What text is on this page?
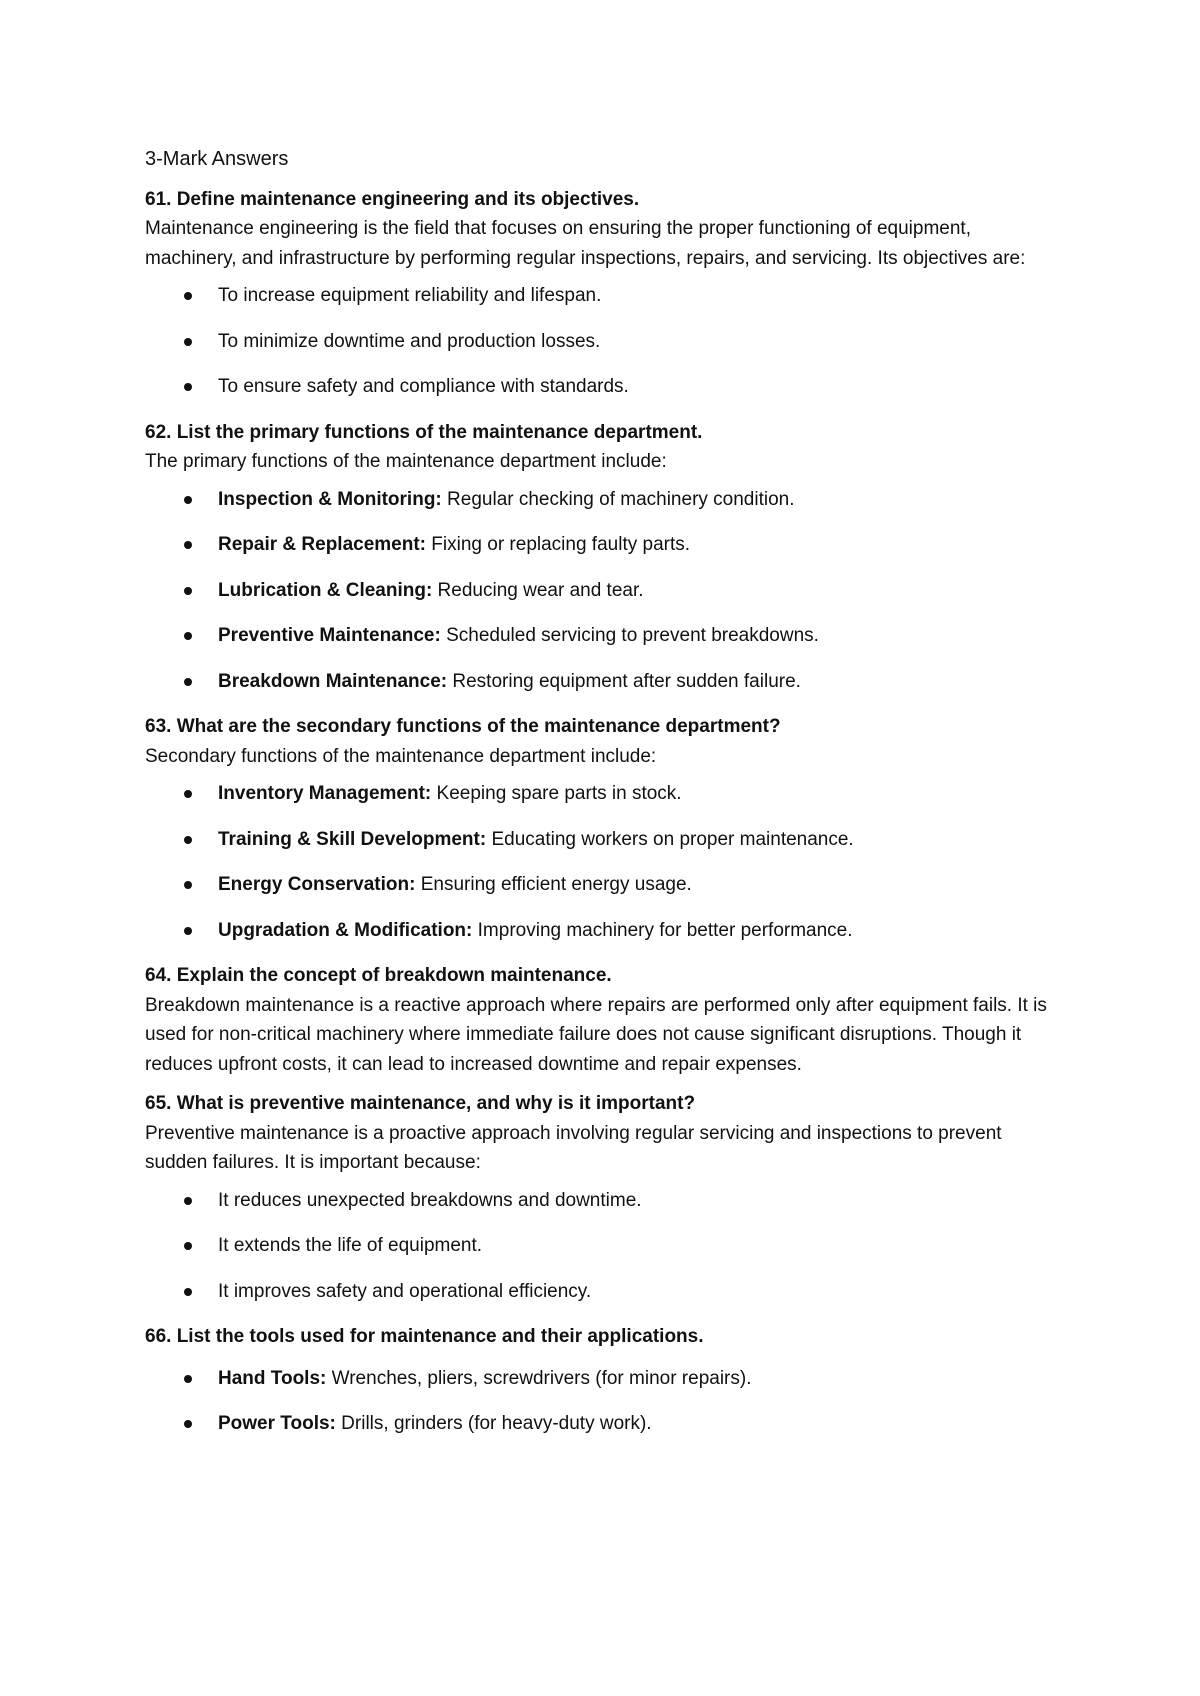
3-Mark Answers

61. Define maintenance engineering and its objectives.

Maintenance engineering is the field that focuses on ensuring the proper functioning of equipment, machinery, and infrastructure by performing regular inspections, repairs, and servicing. Its objectives are:

To increase equipment reliability and lifespan.
To minimize downtime and production losses.
To ensure safety and compliance with standards.

62. List the primary functions of the maintenance department.

The primary functions of the maintenance department include:

Inspection & Monitoring: Regular checking of machinery condition.
Repair & Replacement: Fixing or replacing faulty parts.
Lubrication & Cleaning: Reducing wear and tear.
Preventive Maintenance: Scheduled servicing to prevent breakdowns.
Breakdown Maintenance: Restoring equipment after sudden failure.

63. What are the secondary functions of the maintenance department?

Secondary functions of the maintenance department include:

Inventory Management: Keeping spare parts in stock.
Training & Skill Development: Educating workers on proper maintenance.
Energy Conservation: Ensuring efficient energy usage.
Upgradation & Modification: Improving machinery for better performance.

64. Explain the concept of breakdown maintenance.

Breakdown maintenance is a reactive approach where repairs are performed only after equipment fails. It is used for non-critical machinery where immediate failure does not cause significant disruptions. Though it reduces upfront costs, it can lead to increased downtime and repair expenses.

65. What is preventive maintenance, and why is it important?

Preventive maintenance is a proactive approach involving regular servicing and inspections to prevent sudden failures. It is important because:

It reduces unexpected breakdowns and downtime.
It extends the life of equipment.
It improves safety and operational efficiency.

66. List the tools used for maintenance and their applications.

Hand Tools: Wrenches, pliers, screwdrivers (for minor repairs).
Power Tools: Drills, grinders (for heavy-duty work).
